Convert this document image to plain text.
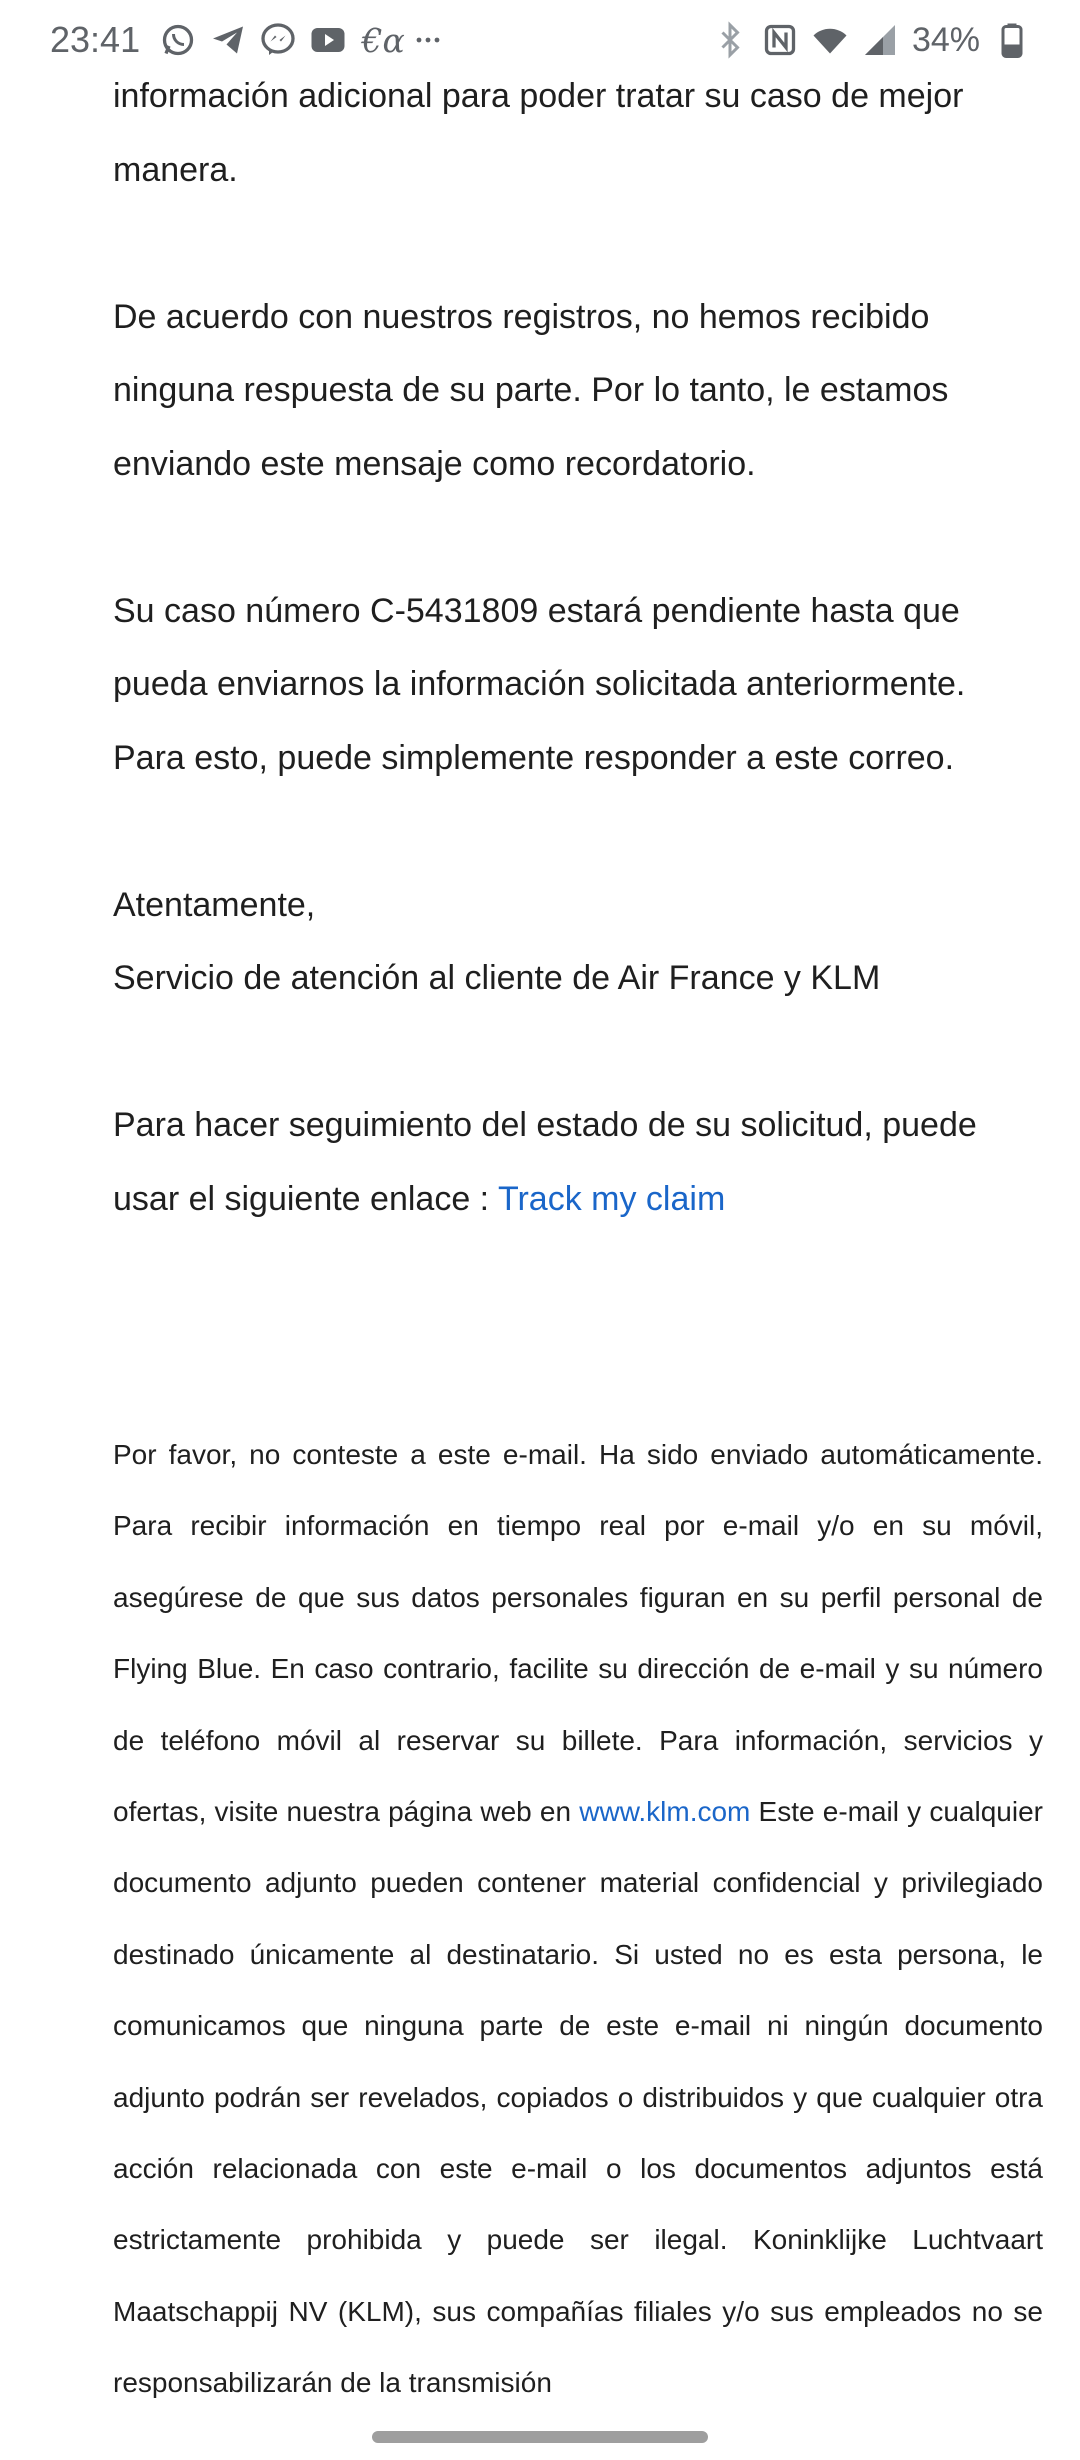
23:41	€α	34%

información adicional para poder tratar su caso de mejor

manera.

De acuerdo con nuestros registros, no hemos recibido ninguna respuesta de su parte. Por lo tanto, le estamos enviando este mensaje como recordatorio.

Su caso número C-5431809 estará pendiente hasta que pueda enviarnos la información solicitada anteriormente. Para esto, puede simplemente responder a este correo.

Atentamente,

Servicio de atención al cliente de Air France y KLM

Para hacer seguimiento del estado de su solicitud, puede usar el siguiente enlace : Track my claim

Por favor, no conteste a este e-mail. Ha sido enviado automáticamente. Para recibir información en tiempo real por e-mail y/o en su móvil, asegúrese de que sus datos personales figuran en su perfil personal de Flying Blue. En caso contrario, facilite su dirección de e-mail y su número de teléfono móvil al reservar su billete. Para información, servicios y ofertas, visite nuestra página web en www.klm.com Este e-mail y cualquier documento adjunto pueden contener material confidencial y privilegiado destinado únicamente al destinatario. Si usted no es esta persona, le comunicamos que ninguna parte de este e-mail ni ningún documento adjunto podrán ser revelados, copiados o distribuidos y que cualquier otra acción relacionada con este e-mail o los documentos adjuntos está estrictamente prohibida y puede ser ilegal. Koninklijke Luchtvaart Maatschappij NV (KLM), sus compañías filiales y/o sus empleados no se responsabilizarán de la transmisión
